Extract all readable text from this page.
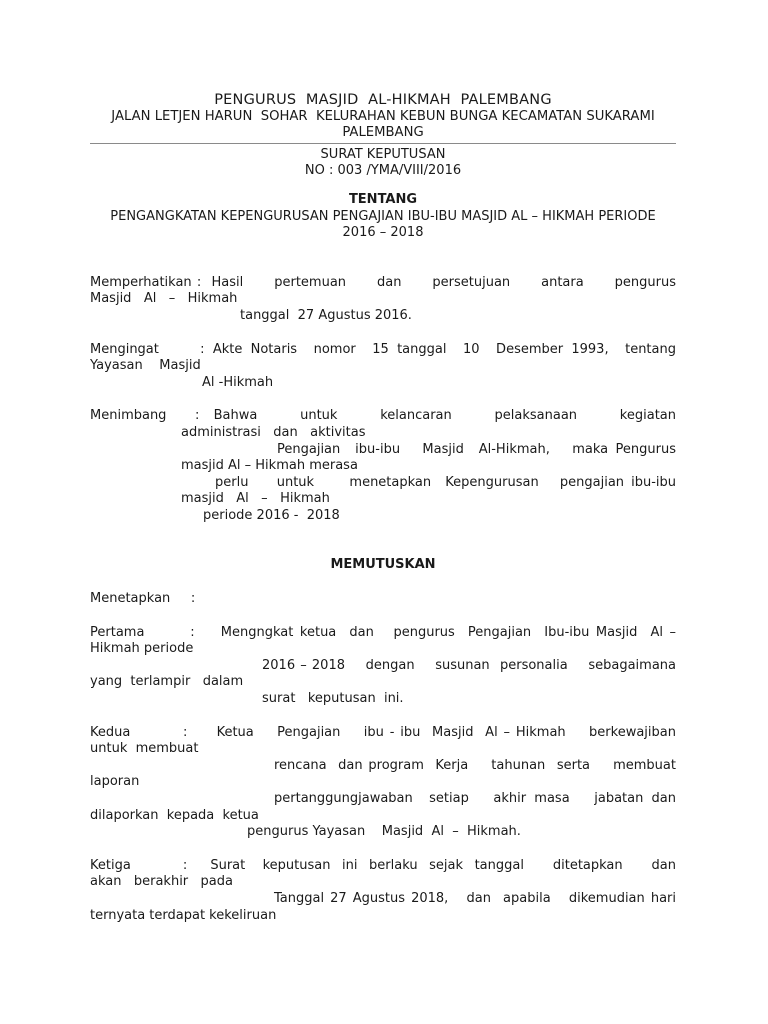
PENGURUS  MASJID  AL-HIKMAH  PALEMBANG

JALAN LETJEN HARUN  SOHAR  KELURAHAN KEBUN BUNGA KECAMATAN SUKARAMI

PALEMBANG

SURAT KEPUTUSAN

NO : 003 /YMA/VIII/2016

TENTANG

PENGANGKATAN KEPENGURUSAN PENGAJIAN IBU-IBU MASJID AL – HIKMAH PERIODE

2016 – 2018

Memperhatikan :  Hasil      pertemuan      dan      persetujuan      antara      pengurus

Masjid   Al   –   Hikmah

tanggal  27 Agustus 2016.

Mengingat     : Akte Notaris  nomor  15 tanggal  10  Desember 1993,  tentang

Yayasan    Masjid

Al -Hikmah

Menimbang    :  Bahwa      untuk      kelancaran      pelaksanaan      kegiatan

administrasi   dan   aktivitas

Pengajian  ibu-ibu   Masjid  Al-Hikmah,   maka Pengurus

masjid Al – Hikmah merasa

perlu    untuk     menetapkan  Kepengurusan   pengajian ibu-ibu

masjid   Al   –   Hikmah

periode 2016 -  2018

MEMUTUSKAN

Menetapkan     :

Pertama       :    Mengngkat ketua  dan   pengurus  Pengajian  Ibu-ibu Masjid  Al –

Hikmah periode

2016 – 2018    dengan    susunan  personalia    sebagaimana

yang  terlampir   dalam

surat   keputusan  ini.

Kedua         :     Ketua    Pengajian    ibu - ibu  Masjid  Al – Hikmah    berkewajiban

untuk  membuat

rencana  dan program  Kerja    tahunan  serta    membuat

laporan

pertanggungjawaban  setiap   akhir masa   jabatan dan

dilaporkan  kepada  ketua

pengurus Yayasan    Masjid  Al  –  Hikmah.

Ketiga         :    Surat   keputusan  ini  berlaku  sejak  tanggal     ditetapkan     dan

akan   berakhir   pada

Tanggal 27 Agustus 2018,   dan  apabila   dikemudian hari

ternyata terdapat kekeliruan
